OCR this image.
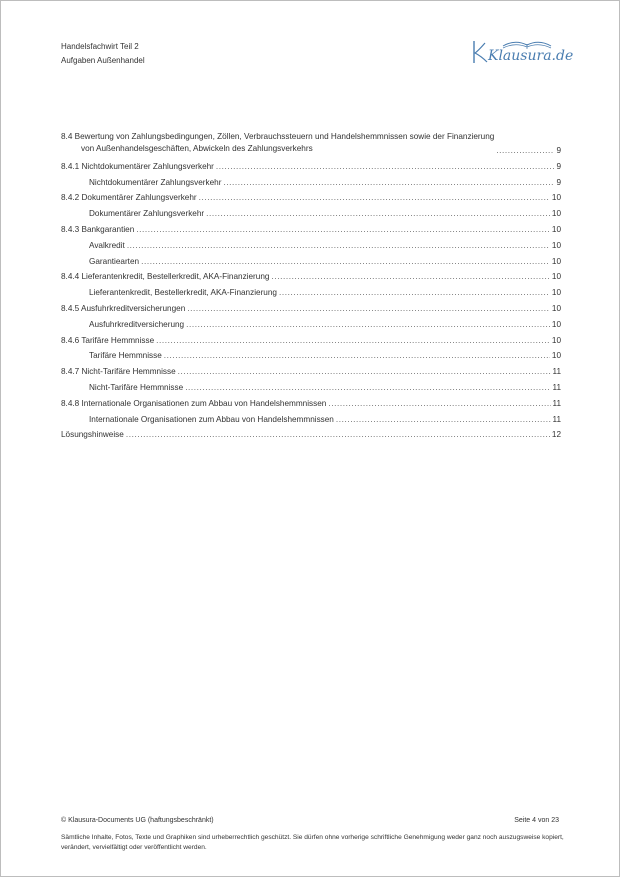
Handelsfachwirt Teil 2
Aufgaben Außenhandel	Klausura.de
8.4 Bewertung von Zahlungsbedingungen, Zöllen, Verbrauchssteuern und Handelshemmnissen sowie der Finanzierung
von Außenhandelsgeschäften, Abwickeln des Zahlungsverkehrs .....	9
8.4.1 Nichtdokumentärer Zahlungsverkehr .....	9
Nichtdokumentärer Zahlungsverkehr .....	9
8.4.2 Dokumentärer Zahlungsverkehr .....	10
Dokumentärer Zahlungsverkehr .....	10
8.4.3 Bankgarantien .....	10
Avalkredit .....	10
Garantiearten .....	10
8.4.4 Lieferantenkredit, Bestellerkredit, AKA-Finanzierung .....	10
Lieferantenkredit, Bestellerkredit, AKA-Finanzierung .....	10
8.4.5 Ausfuhrkreditversicherungen .....	10
Ausfuhrkreditversicherung .....	10
8.4.6 Tarifäre Hemmnisse .....	10
Tarifäre Hemmnisse .....	10
8.4.7 Nicht-Tarifäre Hemmnisse .....	11
Nicht-Tarifäre Hemmnisse .....	11
8.4.8 Internationale Organisationen zum Abbau von Handelshemmnissen .....	11
Internationale Organisationen zum Abbau von Handelshemmnissen .....	11
Lösungshinweise .....	12
© Klausura-Documents UG (haftungsbeschränkt)	Seite 4 von 23
Sämtliche Inhalte, Fotos, Texte und Graphiken sind urheberrechtlich geschützt. Sie dürfen ohne vorherige schriftliche Genehmigung weder ganz noch auszugsweise kopiert, verändert, vervielfältigt oder veröffentlicht werden.
